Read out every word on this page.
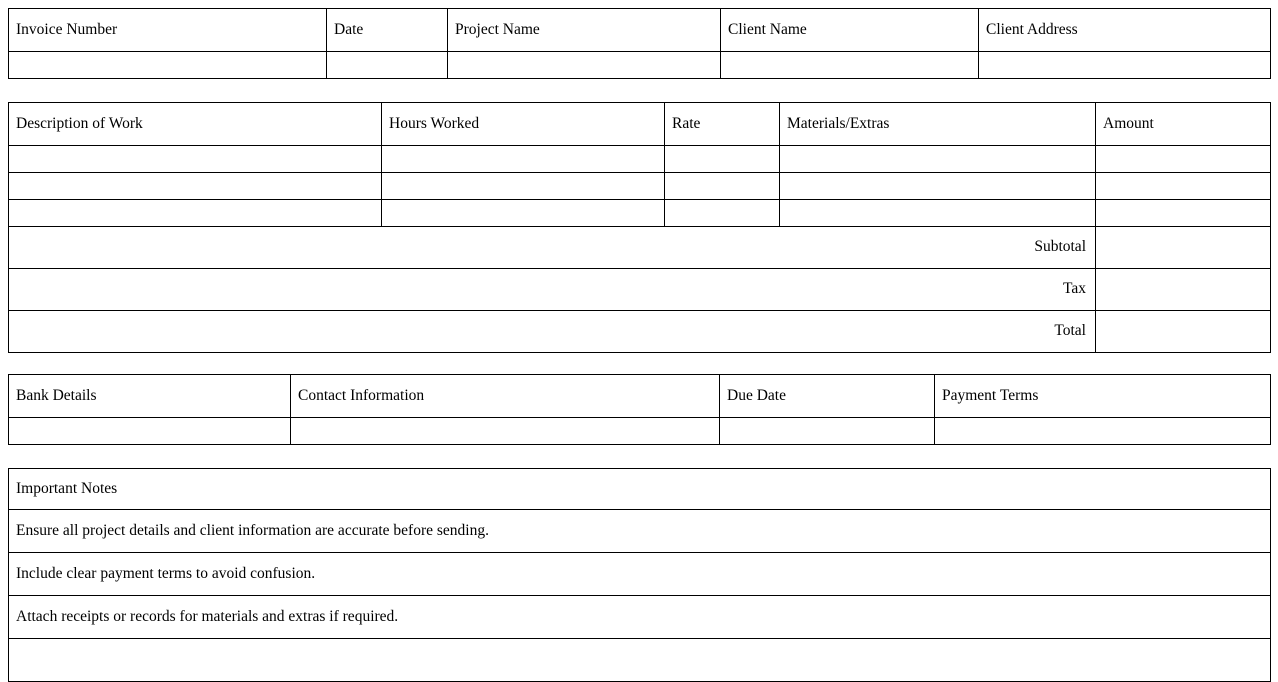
Invoice Number	Date	Project Name	Client Name	Client Address

Description of Work	Hours Worked	Rate	Materials/Extras	Amount

Subtotal				
Tax				
Total				
Bank Details	Contact Information	Due Date	Payment Terms

Important Notes
Ensure all project details and client information are accurate before sending.
Include clear payment terms to avoid confusion.
Attach receipts or records for materials and extras if required.
